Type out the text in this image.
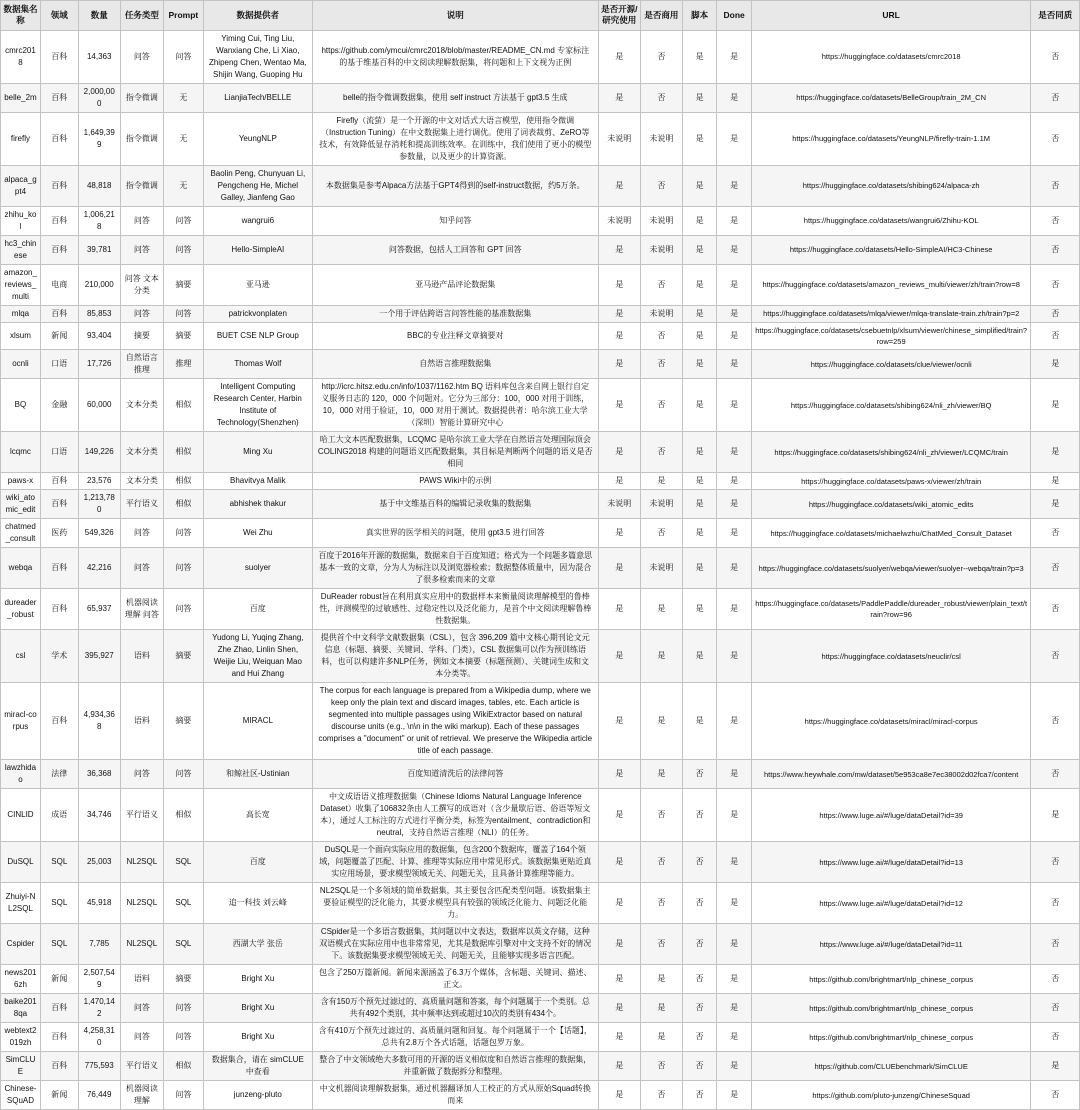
数据集名称	领域	数量	任务类型	Prompt	数据提供者	说明	是否开源/研究使用	是否商用	脚本	Done	URL	是否同质
cmrc2018	百科	14,363	问答	问答	Yiming Cui, Ting Liu, Wanxiang Che, Li Xiao, Zhipeng Chen, Wentao Ma, Shijin Wang, Guoping Hu	https://github.com/ymcui/cmrc2018/blob/master/README_CN.md 专家标注的基于维基百科的中文阅读理解数据集，将问题和上下文视为正例	是	否	是	是	https://huggingface.co/datasets/cmrc2018	否
belle_2m	百科	2,000,000	指令微调	无	LianjiaTech/BELLE	belle的指令微调数据集，使用 self instruct 方法基于 gpt3.5 生成	是	否	是	是	https://huggingface.co/datasets/BelleGroup/train_2M_CN	否
firefly	百科	1,649,399	指令微调	无	YeungNLP	Firefly（流萤）是一个开源的中文对话式大语言模型，使用指令微调（Instruction Tuning）在中文数据集上进行调优。使用了词表裁剪、ZeRO等技术，有效降低显存消耗和提高训练效率。在训练中，我们使用了更小的模型参数量，以及更少的计算资源。	未说明	未说明	是	是	https://huggingface.co/datasets/YeungNLP/firefly-train-1.1M	否
alpaca_gpt4	百科	48,818	指令微调	无	Baolin Peng, Chunyuan Li, Pengcheng He, Michel Galley, Jianfeng Gao	本数据集是参考Alpaca方法基于GPT4得到的self-instruct数据，约5万条。	是	否	是	是	https://huggingface.co/datasets/shibing624/alpaca-zh	否
zhihu_kol	百科	1,006,218	问答	问答	wangrui6	知乎问答	未说明	未说明	是	是	https://huggingface.co/datasets/wangrui6/Zhihu-KOL	否
hc3_chinese	百科	39,781	问答	问答	Hello-SimpleAI	问答数据，包括人工回答和 GPT 回答	是	未说明	是	是	https://huggingface.co/datasets/Hello-SimpleAI/HC3-Chinese	否
amazon_reviews_multi	电商	210,000	问答 文本分类	摘要	亚马逊	亚马逊产品评论数据集	是	否	是	是	https://huggingface.co/datasets/amazon_reviews_multi/viewer/zh/train?row=8	否
mlqa	百科	85,853	问答	问答	patrickvonplaten	一个用于评估跨语言问答性能的基准数据集	是	未说明	是	是	https://huggingface.co/datasets/mlqa/viewer/mlqa-translate-train.zh/train?p=2	否
xlsum	新闻	93,404	摘要	摘要	BUET CSE NLP Group	BBC的专业注释文章摘要对	是	否	是	是	https://huggingface.co/datasets/csebuetnlp/xlsum/viewer/chinese_simplified/train?row=259	否
ocnli	口语	17,726	自然语言推理	推理	Thomas Wolf	自然语言推理数据集	是	否	是	是	https://huggingface.co/datasets/clue/viewer/ocnli	是
BQ	金融	60,000	文本分类	相似	Intelligent Computing Research Center, Harbin Institute of Technology(Shenzhen)	http://icrc.hitsz.edu.cn/info/1037/1162.htm BQ 语料库包含来自网上银行自定义服务日志的 120，000 个问题对。它分为三部分：100，000 对用于训练，10，000 对用于验证，10，000 对用于测试。数据提供者：哈尔滨工业大学（深圳）智能计算研究中心	是	否	是	是	https://huggingface.co/datasets/shibing624/nli_zh/viewer/BQ	是
lcqmc	口语	149,226	文本分类	相似	Ming Xu	哈工大文本匹配数据集，LCQMC 是哈尔滨工业大学在自然语言处理国际顶会 COLING2018 构建的问题语义匹配数据集，其目标是判断两个问题的语义是否相同	是	否	是	是	https://huggingface.co/datasets/shibing624/nli_zh/viewer/LCQMC/train	是
paws-x	百科	23,576	文本分类	相似	Bhavitvya Malik	PAWS Wiki中的示例	是	是	是	是	https://huggingface.co/datasets/paws-x/viewer/zh/train	是
wiki_atomic_edit	百科	1,213,780	平行语义	相似	abhishek thakur	基于中文维基百科的编辑记录收集的数据集	未说明	未说明	是	是	https://huggingface.co/datasets/wiki_atomic_edits	是
chatmed_consult	医药	549,326	问答	问答	Wei Zhu	真实世界的医学相关的问题，使用 gpt3.5 进行回答	是	否	是	是	https://huggingface.co/datasets/michaelwzhu/ChatMed_Consult_Dataset	否
webqa	百科	42,216	问答	问答	suolyer	百度于2016年开源的数据集，数据来自于百度知道；格式为一个问题多篇意思基本一致的文章，分为人为标注以及浏览器检索；数据整体质量中，因为混合了很多检索而来的文章	是	未说明	是	是	https://huggingface.co/datasets/suolyer/webqa/viewer/suolyer--webqa/train?p=3	否
dureader_robust	百科	65,937	机器阅读理解 问答	问答	百度	DuReader robust旨在利用真实应用中的数据样本来衡量阅读理解模型的鲁棒性，评测模型的过敏感性、过稳定性以及泛化能力，是首个中文阅读理解鲁棒性数据集。	是	是	是	是	https://huggingface.co/datasets/PaddlePaddle/dureader_robust/viewer/plain_text/train?row=96	否
csl	学术	395,927	语料	摘要	Yudong Li, Yuqing Zhang, Zhe Zhao, Linlin Shen, Weijie Liu, Weiquan Mao and Hui Zhang	提供首个中文科学文献数据集（CSL），包含 396,209 篇中文核心期刊论文元信息（标题、摘要、关键词、学科、门类），CSL 数据集可以作为预训练语料，也可以构建许多NLP任务，例如文本摘要（标题预测）、关键词生成和文本分类等。	是	是	是	是	https://huggingface.co/datasets/neuclir/csl	否
miracl-corpus	百科	4,934,368	语料	摘要	MIRACL	The corpus for each language is prepared from a Wikipedia dump, where we keep only the plain text and discard images, tables, etc. Each article is segmented into multiple passages using WikiExtractor based on natural discourse units (e.g., \n\n in the wiki markup). Each of these passages comprises a "document" or unit of retrieval. We preserve the Wikipedia article title of each passage.	是	是	是	是	https://huggingface.co/datasets/miracl/miracl-corpus	否
lawzhidao	法律	36,368	问答	问答	和鲸社区-Ustinian	百度知道清洗后的法律问答	是	是	否	是	https://www.heywhale.com/mw/dataset/5e953ca8e7ec38002d02fca7/content	否
CINLID	成语	34,746	平行语义	相似	高长宽	中文成语语义推理数据集（Chinese Idioms Natural Language Inference Dataset）收集了106832条由人工撰写的成语对（含少量歇后语、俗语等短文本），通过人工标注的方式进行平衡分类，标签为entailment、contradiction和neutral，支持自然语言推理（NLI）的任务。	是	否	否	是	https://www.luge.ai/#/luge/dataDetail?id=39	是
DuSQL	SQL	25,003	NL2SQL	SQL	百度	DuSQL是一个面向实际应用的数据集，包含200个数据库，覆盖了164个领域，问题覆盖了匹配、计算、推理等实际应用中常见形式。该数据集更贴近真实应用场景，要求模型领域无关、问题无关，且具备计算推理等能力。	是	否	否	是	https://www.luge.ai/#/luge/dataDetail?id=13	否
Zhuiyi-NL2SQL	SQL	45,918	NL2SQL	SQL	追一科技 刘云峰	NL2SQL是一个多领域的简单数据集，其主要包含匹配类型问题。该数据集主要验证模型的泛化能力，其要求模型具有较强的领域泛化能力、问题泛化能力。	是	否	否	是	https://www.luge.ai/#/luge/dataDetail?id=12	否
Cspider	SQL	7,785	NL2SQL	SQL	西湖大学 张岳	CSpider是一个多语言数据集，其问题以中文表达，数据库以英文存储，这种双语模式在实际应用中也非常常见，尤其是数据库引擎对中文支持不好的情况下。该数据集要求模型领域无关、问题无关，且能够实现多语言匹配。	是	否	否	是	https://www.luge.ai/#/luge/dataDetail?id=11	否
news2016zh	新闻	2,507,549	语料	摘要	Bright Xu	包含了250万篇新闻。新闻来源涵盖了6.3万个媒体，含标题、关键词、描述、正文。	是	是	否	是	https://github.com/brightmart/nlp_chinese_corpus	否
baike2018qa	百科	1,470,142	问答	问答	Bright Xu	含有150万个预先过滤过的、高质量问题和答案，每个问题属于一个类别。总共有492个类别，其中频率达到或超过10次的类别有434个。	是	是	否	是	https://github.com/brightmart/nlp_chinese_corpus	否
webtext2019zh	百科	4,258,310	问答	问答	Bright Xu	含有410万个预先过滤过的、高质量问题和回复。每个问题属于一个【话题】，总共有2.8万个各式话题，话题包罗万象。	是	是	否	是	https://github.com/brightmart/nlp_chinese_corpus	否
SimCLUE	百科	775,593	平行语义	相似	数据集合，请在 simCLUE 中查看	整合了中文领域绝大多数可用的开源的语义相似度和自然语言推理的数据集，并重新做了数据拆分和整理。	是	否	否	是	https://github.com/CLUEbenchmark/SimCLUE	是
Chinese-SQuAD	新闻	76,449	机器阅读理解	问答	junzeng-pluto	中文机器阅读理解数据集，通过机器翻译加人工校正的方式从原始Squad转换而来	是	否	否	是	https://github.com/pluto-junzeng/ChineseSquad	否
